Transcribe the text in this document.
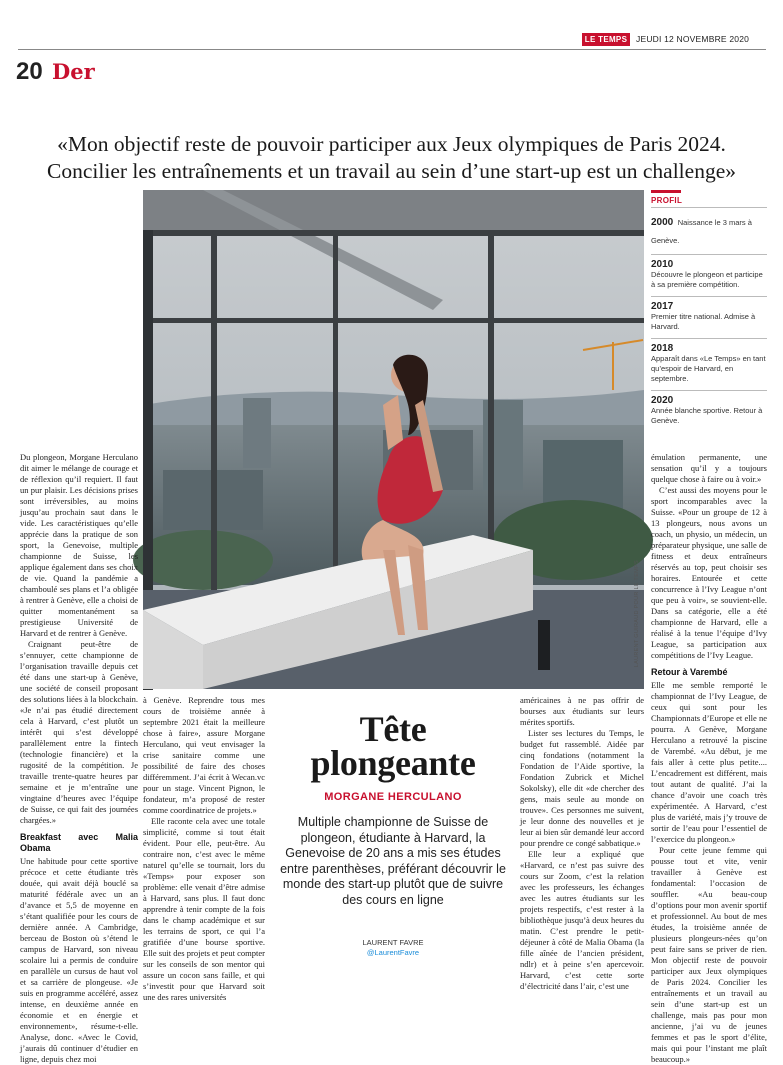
LE TEMPS	JEUDI 12 NOVEMBRE 2020
20 Der
«Mon objectif reste de pouvoir participer aux Jeux olympiques de Paris 2024.
Concilier les entraînements et un travail au sein d’une start-up est un challenge»
LAURENT GUIRAUD POUR LE TEMPS
PROFIL
2000 Naissance le 3 mars à Genève.
2010
Découvre le plongeon et participe à sa première compétition.
2017
Premier titre national. Admise à Harvard.
2018
Apparaît dans «Le Temps» en tant qu’espoir de Harvard, en septembre.
2020
Année blanche sportive. Retour à Genève.

Du plongeon, Morgane Herculano dit aimer le mélange de courage et de réflexion qu’il requiert. Il faut un pur plaisir. Les décisions prises sont irréversibles, au moins jusqu’au prochain saut dans le vide. Les caractéristiques qu’elle apprécie dans la pratique de son sport, la Genevoise, multiple championne de Suisse, les applique également dans ses choix de vie. Quand la pandémie a chamboulé ses plans et l’a obligée à rentrer à Genève, elle a choisi de quitter momentanément sa prestigieuse Université de Harvard et de rentrer à Genève.

Craignant peut-être de s’ennuyer, cette championne de l’organisation travaille depuis cet été dans une start-up à Genève, une société de conseil proposant des solutions liées à la blockchain. «Je n’ai pas étudié directement cela à Harvard, c’est plutôt un intérêt qui s’est développé parallèlement entre la fintech (technologie financière) et la rugosité de la compétition. Je travaille trente-quatre heures par semaine et je m’entraîne une vingtaine d’heures avec l’équipe de Suisse, ce qui fait des journées chargées.»

Breakfast avec Malia Obama

Une habitude pour cette sportive précoce et cette étudiante très douée, qui avait déjà bouclé sa maturité fédérale avec un an d’avance et 5,5 de moyenne en s’étant qualifiée pour les cours de dernière année. A Cambridge, berceau de Boston où s’étend le campus de Harvard, son niveau scolaire lui a permis de conduire en parallèle un cursus de haut vol et sa carrière de plongeuse. «Je suis en programme accéléré, assez intense, en deuxième année en économie et en énergie et environnement», résume-t-elle. Analyse, donc. «Avec le Covid, j’aurais dû continuer d’étudier en ligne, depuis chez moi

à Genève. Reprendre tous mes cours de troisième année à septembre 2021 était la meilleure chose à faire», assure Morgane Herculano, qui veut envisager la crise sanitaire comme une possibilité de faire des choses différemment. J’ai écrit à Wecan.vc pour un stage. Vincent Pignon, le fondateur, m’a proposé de rester comme coordinatrice de projets.»

Elle raconte cela avec une totale simplicité, comme si tout était évident. Pour elle, peut-être. Au contraire non, c’est avec le même naturel qu’elle se tournait, lors du «Temps» pour exposer son problème: elle venait d’être admise à Harvard, sans plus. Il faut donc apprendre à tenir compte de la fois dans le champ académique et sur les terrains de sport, ce qui l’a gratifiée d’une bourse sportive. Elle suit des projets et peut compter sur les conseils de son mentor qui assure un cocon sans faille, et qui s’investit pour que Harvard soit une des rares universités

Tête
plongeante
MORGANE HERCULANO
Multiple championne de Suisse de plongeon, étudiante à Harvard, la Genevoise de 20 ans a mis ses études entre parenthèses, préférant découvrir le monde des start-up plutôt que de suivre des cours en ligne
LAURENT FAVRE
@LaurentFavre

américaines à ne pas offrir de bourses aux étudiants sur leurs mérites sportifs.

Lister ses lectures du Temps, le budget fut rassemblé. Aidée par cinq fondations (notamment la Fondation de l’Aide sportive, la Fondation Zubrick et Michel Sokolsky), elle dit «de chercher des gens, mais seule au monde on trouve». Ces personnes me suivent, je leur donne des nouvelles et je leur ai bien sûr demandé leur accord pour prendre ce congé sabbatique.»

Elle leur a expliqué que «Harvard, ce n’est pas suivre des cours sur Zoom, c’est la relation avec les professeurs, les échanges avec les autres étudiants sur les projets respectifs, c’est rester à la bibliothèque jusqu’à deux heures du matin. C’est prendre le petit-déjeuner à côté de Malia Obama (la fille aînée de l’ancien président, ndlr) et à peine s’en apercevoir. Harvard, c’est cette sorte d’électricité dans l’air, c’est une

émulation permanente, une sensation qu’il y a toujours quelque chose à faire ou à voir.»

C’est aussi des moyens pour le sport incomparables avec la Suisse. «Pour un groupe de 12 à 13 plongeurs, nous avons un coach, un physio, un médecin, un préparateur physique, une salle de fitness et deux entraîneurs réservés au top, peut choisir ses horaires. Entourée et cette concurrence à l’Ivy League n’ont que peu à voir», se souvient-elle. Dans sa catégorie, elle a été championne de Harvard, elle a réalisé à la tenue l’équipe d’Ivy League, sa participation aux compétitions de l’Ivy League.

Retour à Varembé

Elle me semble remporté le championnat de l’Ivy League, de ceux qui sont pour les Championnats d’Europe et elle ne pourra. A Genève, Morgane Herculano a retrouvé la piscine de Varembé. «Au début, je me fais aller à cette plus petite.... L’encadrement est différent, mais tout autant de qualité. J’ai la chance d’avoir une coach très expérimentée. A Harvard, c’est plus de variété, mais j’y trouve de sortir de l’eau pour l’essentiel de l’exercice du plongeon.»

Pour cette jeune femme qui pousse tout et vite, venir travailler à Genève est fondamental: l’occasion de souffler. «Au beau-coup d’options pour mon avenir sportif et professionnel. Au bout de mes études, la troisième année de plusieurs plongeurs-nées qu’on peut faire sans se priver de rien. Mon objectif reste de pouvoir participer aux Jeux olympiques de Paris 2024. Concilier les entraînements et un travail au sein d’une start-up est un challenge, mais pas pour mon ancienne, j’ai vu de jeunes femmes et pas le sport d’élite, mais qui pour l’instant me plaît beaucoup.»
